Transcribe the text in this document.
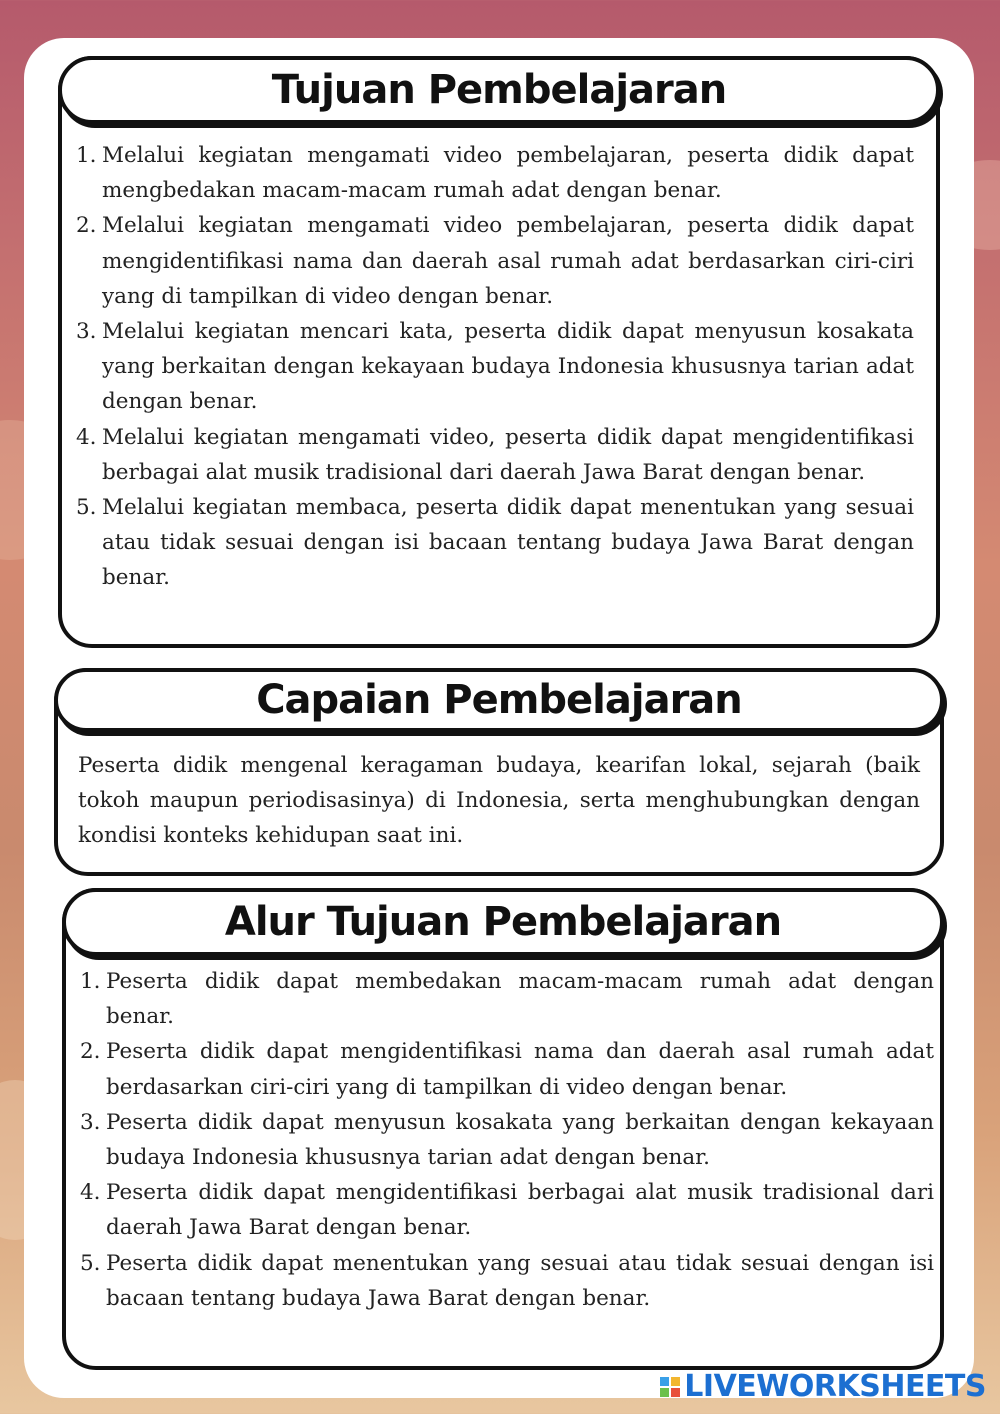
Tujuan Pembelajaran
1. Melalui kegiatan mengamati video pembelajaran, peserta didik dapat mengbedakan macam-macam rumah adat dengan benar.
2. Melalui kegiatan mengamati video pembelajaran, peserta didik dapat mengidentifikasi nama dan daerah asal rumah adat berdasarkan ciri-ciri yang di tampilkan di video dengan benar.
3. Melalui kegiatan mencari kata, peserta didik dapat menyusun kosakata yang berkaitan dengan kekayaan budaya Indonesia khususnya tarian adat dengan benar.
4. Melalui kegiatan mengamati video, peserta didik dapat mengidentifikasi berbagai alat musik tradisional dari daerah Jawa Barat dengan benar.
5. Melalui kegiatan membaca, peserta didik dapat menentukan yang sesuai atau tidak sesuai dengan isi bacaan tentang budaya Jawa Barat dengan benar.
Capaian Pembelajaran
Peserta didik mengenal keragaman budaya, kearifan lokal, sejarah (baik tokoh maupun periodisasinya) di Indonesia, serta menghubungkan dengan kondisi konteks kehidupan saat ini.
Alur Tujuan Pembelajaran
1. Peserta didik dapat membedakan macam-macam rumah adat dengan benar.
2. Peserta didik dapat mengidentifikasi nama dan daerah asal rumah adat berdasarkan ciri-ciri yang di tampilkan di video dengan benar.
3. Peserta didik dapat menyusun kosakata yang berkaitan dengan kekayaan budaya Indonesia khususnya tarian adat dengan benar.
4. Peserta didik dapat mengidentifikasi berbagai alat musik tradisional dari daerah Jawa Barat dengan benar.
5. Peserta didik dapat menentukan yang sesuai atau tidak sesuai dengan isi bacaan tentang budaya Jawa Barat dengan benar.
LIVEWORKSHEETS
